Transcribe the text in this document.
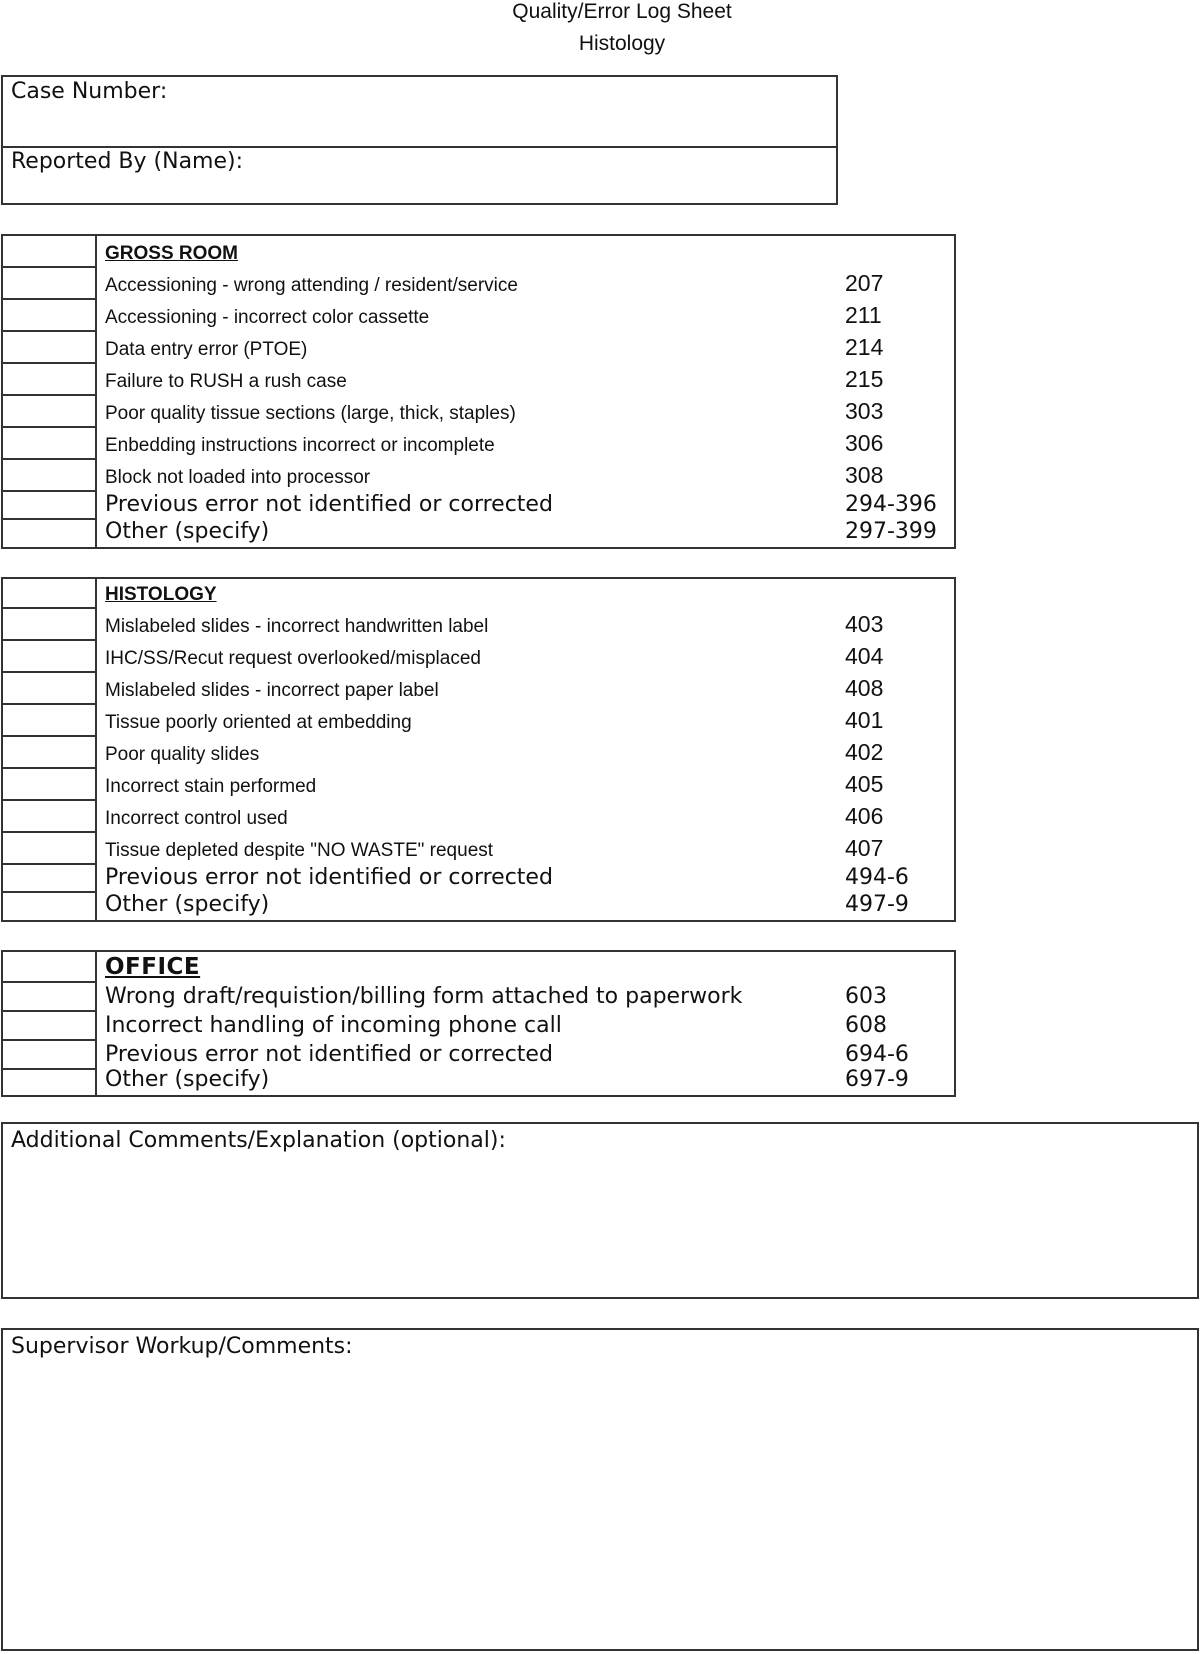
Quality/Error Log Sheet
Histology
Case Number:
Reported By (Name):
GROSS ROOM
Accessioning - wrong attending / resident/service	207
Accessioning - incorrect color cassette	211
Data entry error (PTOE)	214
Failure to RUSH a rush case	215
Poor quality tissue sections (large, thick, staples)	303
Enbedding instructions incorrect or incomplete	306
Block not loaded into processor	308
Previous error not identified or corrected	294-396
Other (specify)	297-399
HISTOLOGY
Mislabeled slides - incorrect handwritten label	403
IHC/SS/Recut request overlooked/misplaced	404
Mislabeled slides - incorrect paper label	408
Tissue poorly oriented at embedding	401
Poor quality slides	402
Incorrect stain performed	405
Incorrect control used	406
Tissue depleted despite "NO WASTE" request	407
Previous error not identified or corrected	494-6
Other (specify)	497-9
OFFICE
Wrong draft/requistion/billing form attached to paperwork	603
Incorrect handling of incoming phone call	608
Previous error not identified or corrected	694-6
Other (specify)	697-9
Additional Comments/Explanation (optional):
Supervisor Workup/Comments:
